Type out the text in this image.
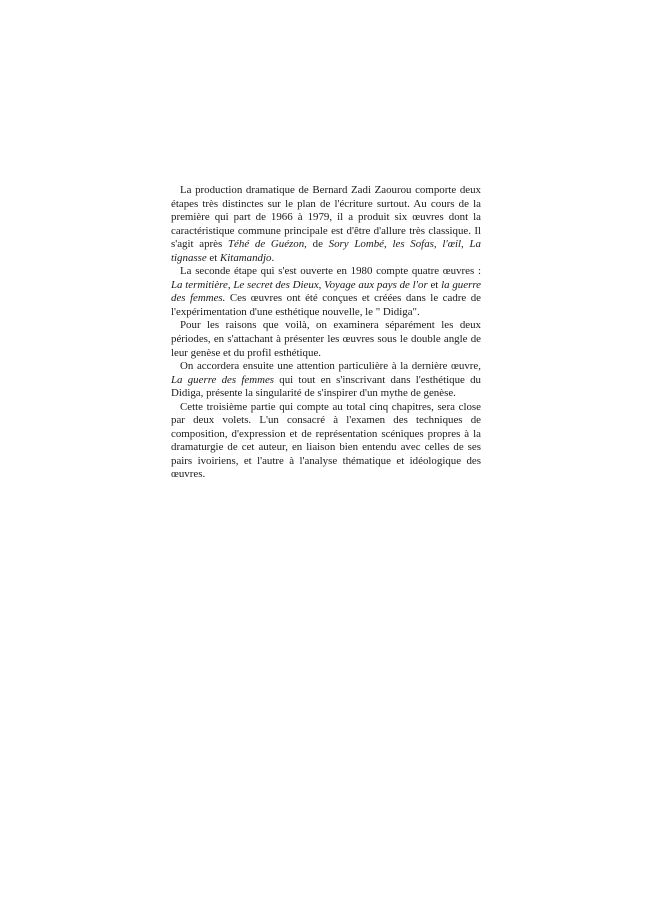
La production dramatique de Bernard Zadi Zaourou comporte deux étapes très distinctes sur le plan de l'écriture surtout. Au cours de la première qui part de 1966 à 1979, il a produit six œuvres dont la caractéristique commune principale est d'être d'allure très classique. Il s'agit après Téhé de Guézon, de Sory Lombé, les Sofas, l'œil, La tignasse et Kitamandjo.

La seconde étape qui s'est ouverte en 1980 compte quatre œuvres : La termitière, Le secret des Dieux, Voyage aux pays de l'or et la guerre des femmes. Ces œuvres ont été conçues et créées dans le cadre de l'expérimentation d'une esthétique nouvelle, le " Didiga".

Pour les raisons que voilà, on examinera séparément les deux périodes, en s'attachant à présenter les œuvres sous le double angle de leur genèse et du profil esthétique.

On accordera ensuite une attention particulière à la dernière œuvre, La guerre des femmes qui tout en s'inscrivant dans l'esthétique du Didiga, présente la singularité de s'inspirer d'un mythe de genèse.

Cette troisième partie qui compte au total cinq chapitres, sera close par deux volets. L'un consacré à l'examen des techniques de composition, d'expression et de représentation scéniques propres à la dramaturgie de cet auteur, en liaison bien entendu avec celles de ses pairs ivoiriens, et l'autre à l'analyse thématique et idéologique des œuvres.
